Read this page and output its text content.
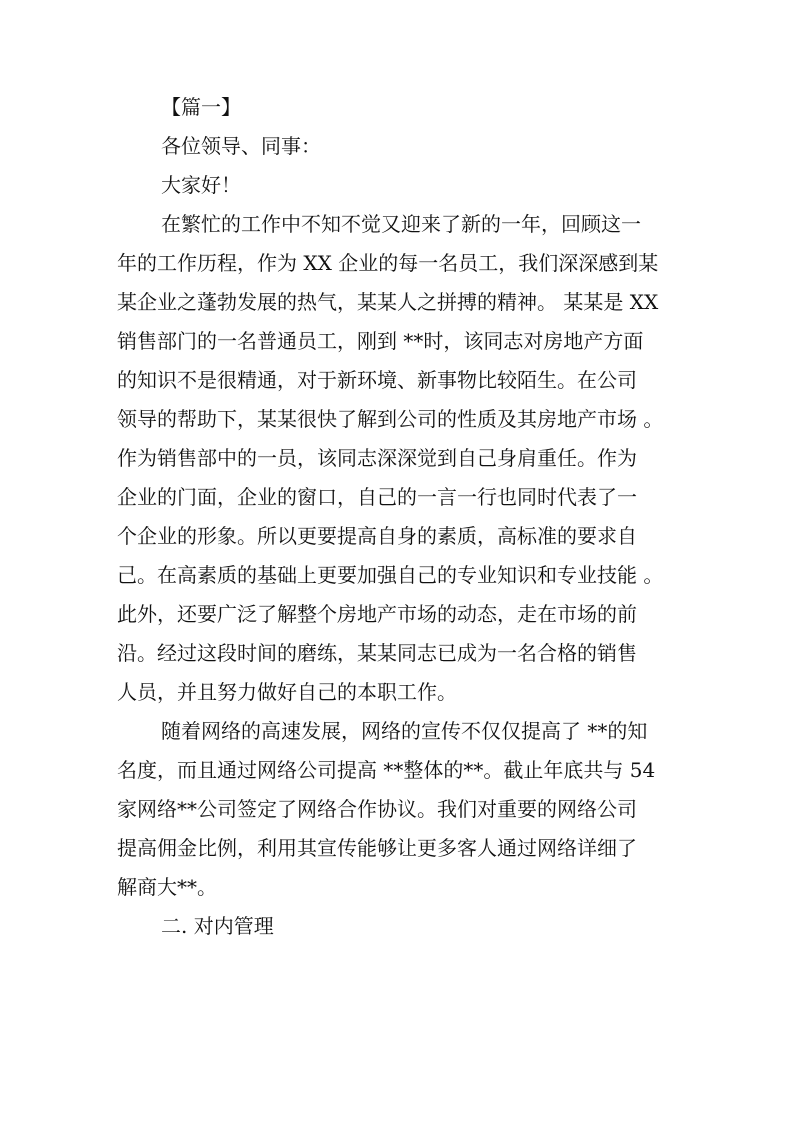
【篇一】

各位领导、同事：

大家好！

在繁忙的工作中不知不觉又迎来了新的一年，回顾这一
年的工作历程，作为 XX 企业的每一名员工，我们深深感到某
某企业之蓬勃发展的热气，某某人之拼搏的精神。 某某是 XX
销售部门的一名普通员工，刚到 **时，该同志对房地产方面
的知识不是很精通，对于新环境、新事物比较陌生。在公司
领导的帮助下，某某很快了解到公司的性质及其房地产市场 。
作为销售部中的一员，该同志深深觉到自己身肩重任。作为
企业的门面，企业的窗口，自己的一言一行也同时代表了一
个企业的形象。所以更要提高自身的素质，高标准的要求自
己。在高素质的基础上更要加强自己的专业知识和专业技能 。
此外，还要广泛了解整个房地产市场的动态，走在市场的前
沿。经过这段时间的磨练，某某同志已成为一名合格的销售
人员，并且努力做好自己的本职工作。
随着网络的高速发展，网络的宣传不仅仅提高了 **的知
名度，而且通过网络公司提高 **整体的**。截止年底共与 54
家网络**公司签定了网络合作协议。我们对重要的网络公司
提高佣金比例，利用其宣传能够让更多客人通过网络详细了
解商大**。

二. 对内管理
